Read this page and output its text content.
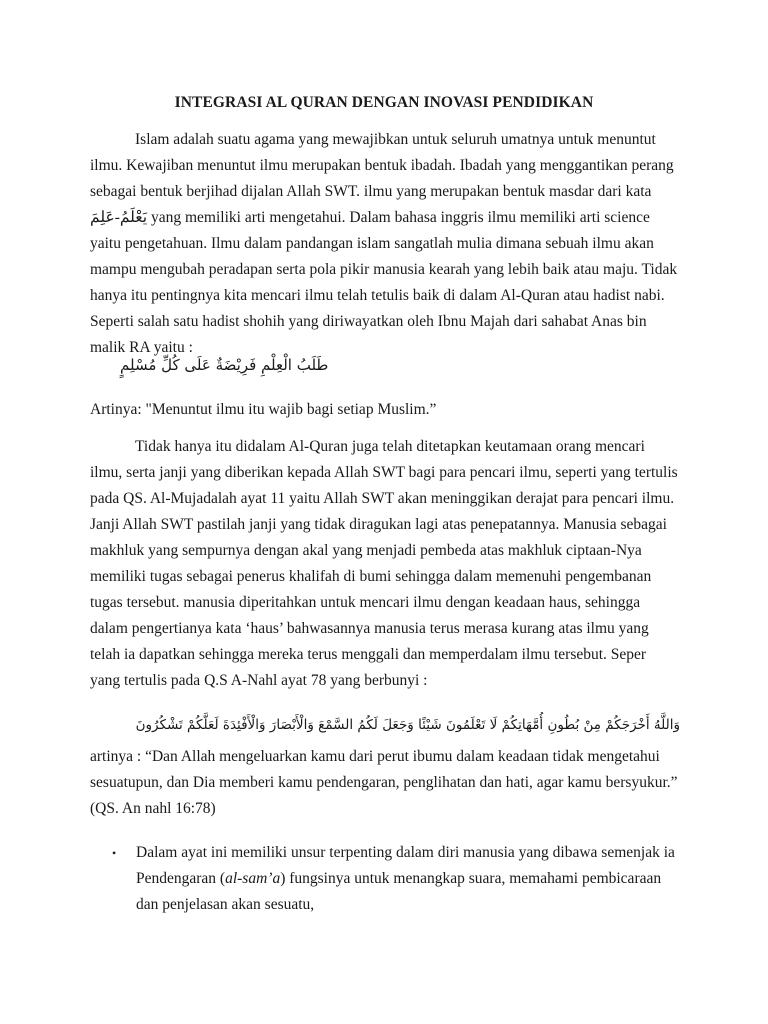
INTEGRASI AL QURAN DENGAN INOVASI PENDIDIKAN

Islam adalah suatu agama yang mewajibkan untuk seluruh umatnya untuk menuntut ilmu. Kewajiban menuntut ilmu merupakan bentuk ibadah. Ibadah yang menggantikan perang sebagai bentuk berjihad dijalan Allah SWT. ilmu yang merupakan bentuk masdar dari kata يَعْلَمُ-عَلِمَ yang memiliki arti mengetahui. Dalam bahasa inggris ilmu memiliki arti science yaitu pengetahuan. Ilmu dalam pandangan islam sangatlah mulia dimana sebuah ilmu akan mampu mengubah peradapan serta pola pikir manusia kearah yang lebih baik atau maju. Tidak hanya itu pentingnya kita mencari ilmu telah tetulis baik di dalam Al-Quran atau hadist nabi. Seperti salah satu hadist shohih yang diriwayatkan oleh Ibnu Majah dari sahabat Anas bin malik RA yaitu :

طَلَبُ الْعِلْمِ فَرِيْضَةٌ عَلَى كُلِّ مُسْلِمٍ

Artinya: "Menuntut ilmu itu wajib bagi setiap Muslim.”

Tidak hanya itu didalam Al-Quran juga telah ditetapkan keutamaan orang mencari ilmu, serta janji yang diberikan kepada Allah SWT bagi para pencari ilmu, seperti yang tertulis pada QS. Al-Mujadalah ayat 11 yaitu Allah SWT akan meninggikan derajat para pencari ilmu. Janji Allah SWT pastilah janji yang tidak diragukan lagi atas penepatannya. Manusia sebagai makhluk yang sempurnya dengan akal yang menjadi pembeda atas makhluk ciptaan-Nya memiliki tugas sebagai penerus khalifah di bumi sehingga dalam memenuhi pengembanan tugas tersebut. manusia diperitahkan untuk mencari ilmu dengan keadaan haus, sehingga dalam pengertianya kata ‘haus’ bahwasannya manusia terus merasa kurang atas ilmu yang telah ia dapatkan sehingga mereka terus menggali dan memperdalam ilmu tersebut. Seper yang tertulis pada Q.S A-Nahl ayat 78 yang berbunyi :

وَاللَّهُ أَخْرَجَكُمْ مِنْ بُطُونِ أُمَّهَاتِكُمْ لَا تَعْلَمُونَ شَيْئًا وَجَعَلَ لَكُمُ السَّمْعَ وَالْأَبْصَارَ وَالْأَفْئِدَةَ لَعَلَّكُمْ تَشْكُرُونَ

artinya : “Dan Allah mengeluarkan kamu dari perut ibumu dalam keadaan tidak mengetahui sesuatupun, dan Dia memberi kamu pendengaran, penglihatan dan hati, agar kamu bersyukur.” (QS. An nahl 16:78)

• Dalam ayat ini memiliki unsur terpenting dalam diri manusia yang dibawa semenjak ia Pendengaran (al-sam’a) fungsinya untuk menangkap suara, memahami pembicaraan dan penjelasan akan sesuatu,
